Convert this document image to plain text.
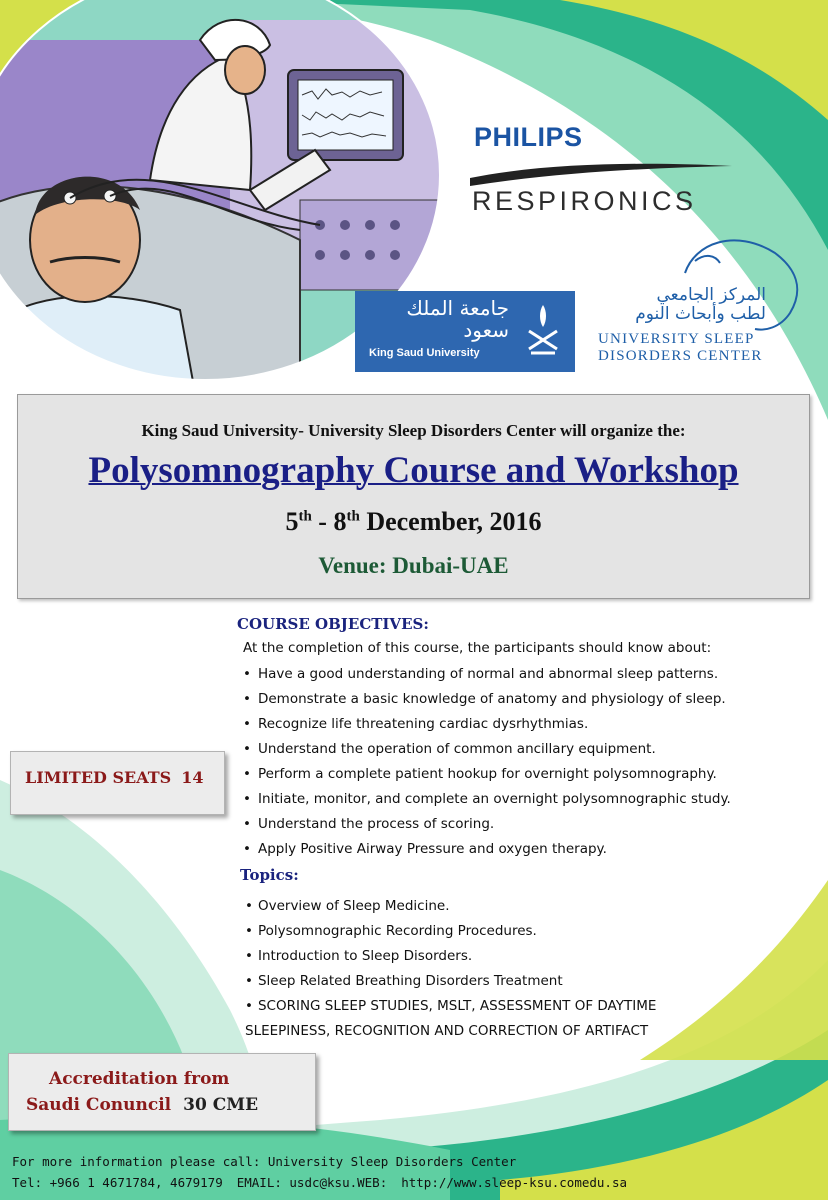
PHILIPS
RESPIRONICS
جامعة الملك سعود
King Saud University
المركز الجامعي
لطب وأبحاث النوم
UNIVERSITY SLEEP
DISORDERS CENTER
King Saud University- University Sleep Disorders Center will organize the:
Polysomnography Course and Workshop
5th - 8th December, 2016
Venue: Dubai-UAE
COURSE OBJECTIVES:
At the completion of this course, the participants should know about:
• Have a good understanding of normal and abnormal sleep patterns.
• Demonstrate a basic knowledge of anatomy and physiology of sleep.
• Recognize life threatening cardiac dysrhythmias.
• Understand the operation of common ancillary equipment.
• Perform a complete patient hookup for overnight polysomnography.
• Initiate, monitor, and complete an overnight polysomnographic study.
• Understand the process of scoring.
• Apply Positive Airway Pressure and oxygen therapy.
Topics:
• Overview of Sleep Medicine.
• Polysomnographic Recording Procedures.
• Introduction to Sleep Disorders.
• Sleep Related Breathing Disorders Treatment
• SCORING SLEEP STUDIES, MSLT, ASSESSMENT OF DAYTIME SLEEPINESS, RECOGNITION AND CORRECTION OF ARTIFACT
LIMITED SEATS 14
Accreditation from
Saudi Conuncil 30 CME
For more information please call: University Sleep Disorders Center
Tel: +966 1 4671784, 4679179 EMAIL: usdc@ksu.WEB: http://www.sleep-ksu.comedu.sa
